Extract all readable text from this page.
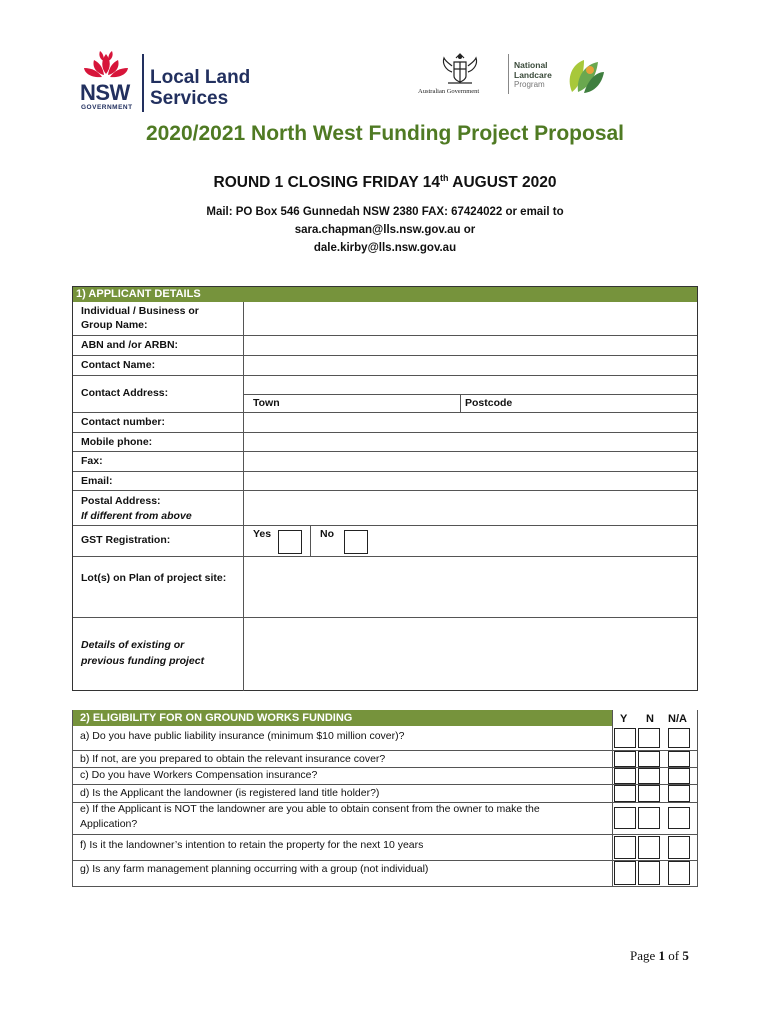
NSW
GOVERNMENT
Local Land
Services	Australian Government
National
Landcare
Program
2020/2021 North West Funding Project Proposal
ROUND 1 CLOSING FRIDAY 14th AUGUST 2020
Mail: PO Box 546 Gunnedah NSW 2380 FAX: 67424022 or email to
sara.chapman@lls.nsw.gov.au or
dale.kirby@lls.nsw.gov.au
1) APPLICANT DETAILS
Individual / Business or
Group Name:
ABN and /or ARBN:
Contact Name:
Contact Address:
Town	Postcode
Contact number:
Mobile phone:
Fax:
Email:
Postal Address:
If different from above
GST Registration:	Yes	No
Lot(s) on Plan of project site:
Details of existing or
previous funding project
2) ELIGIBILITY FOR ON GROUND WORKS FUNDING	Y N N/A
a) Do you have public liability insurance (minimum $10 million cover)?
b) If not, are you prepared to obtain the relevant insurance cover?
c) Do you have Workers Compensation insurance?
d) Is the Applicant the landowner (is registered land title holder?)
e) If the Applicant is NOT the landowner are you able to obtain consent from the owner to make the
Application?
f) Is it the landowner’s intention to retain the property for the next 10 years
g) Is any farm management planning occurring with a group (not individual)
Page 1 of 5
